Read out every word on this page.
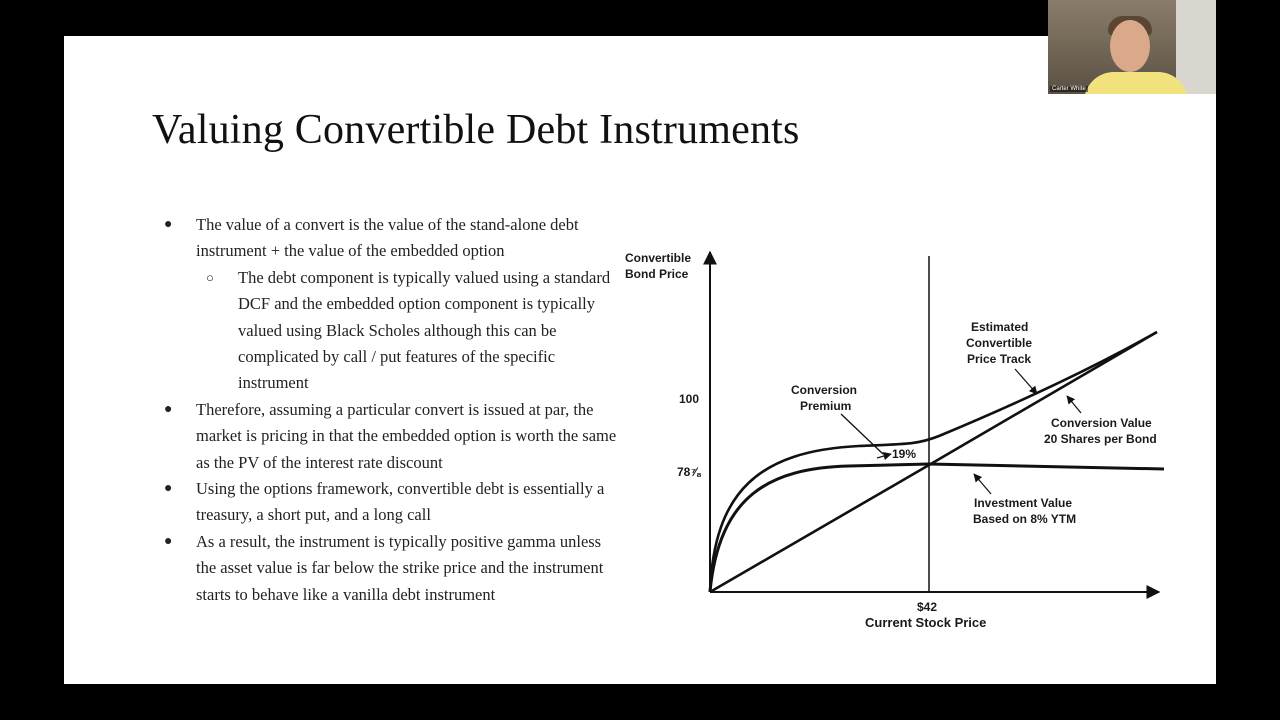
Valuing Convertible Debt Instruments
● The value of a convert is the value of the stand-alone debt instrument + the value of the embedded option
○ The debt component is typically valued using a standard DCF and the embedded option component is typically valued using Black Scholes although this can be complicated by call / put features of the specific instrument
● Therefore, assuming a particular convert is issued at par, the market is pricing in that the embedded option is worth the same as the PV of the interest rate discount
● Using the options framework, convertible debt is essentially a treasury, a short put, and a long call
● As a result, the instrument is typically positive gamma unless the asset value is far below the strike price and the instrument starts to behave like a vanilla debt instrument
100
78⅞
$42
Convertible
Bond Price
Current Stock Price
Conversion
Premium
19%
Estimated
Convertible
Price Track
Conversion Value
20 Shares per Bond
Investment Value
Based on 8% YTM
Carter White
